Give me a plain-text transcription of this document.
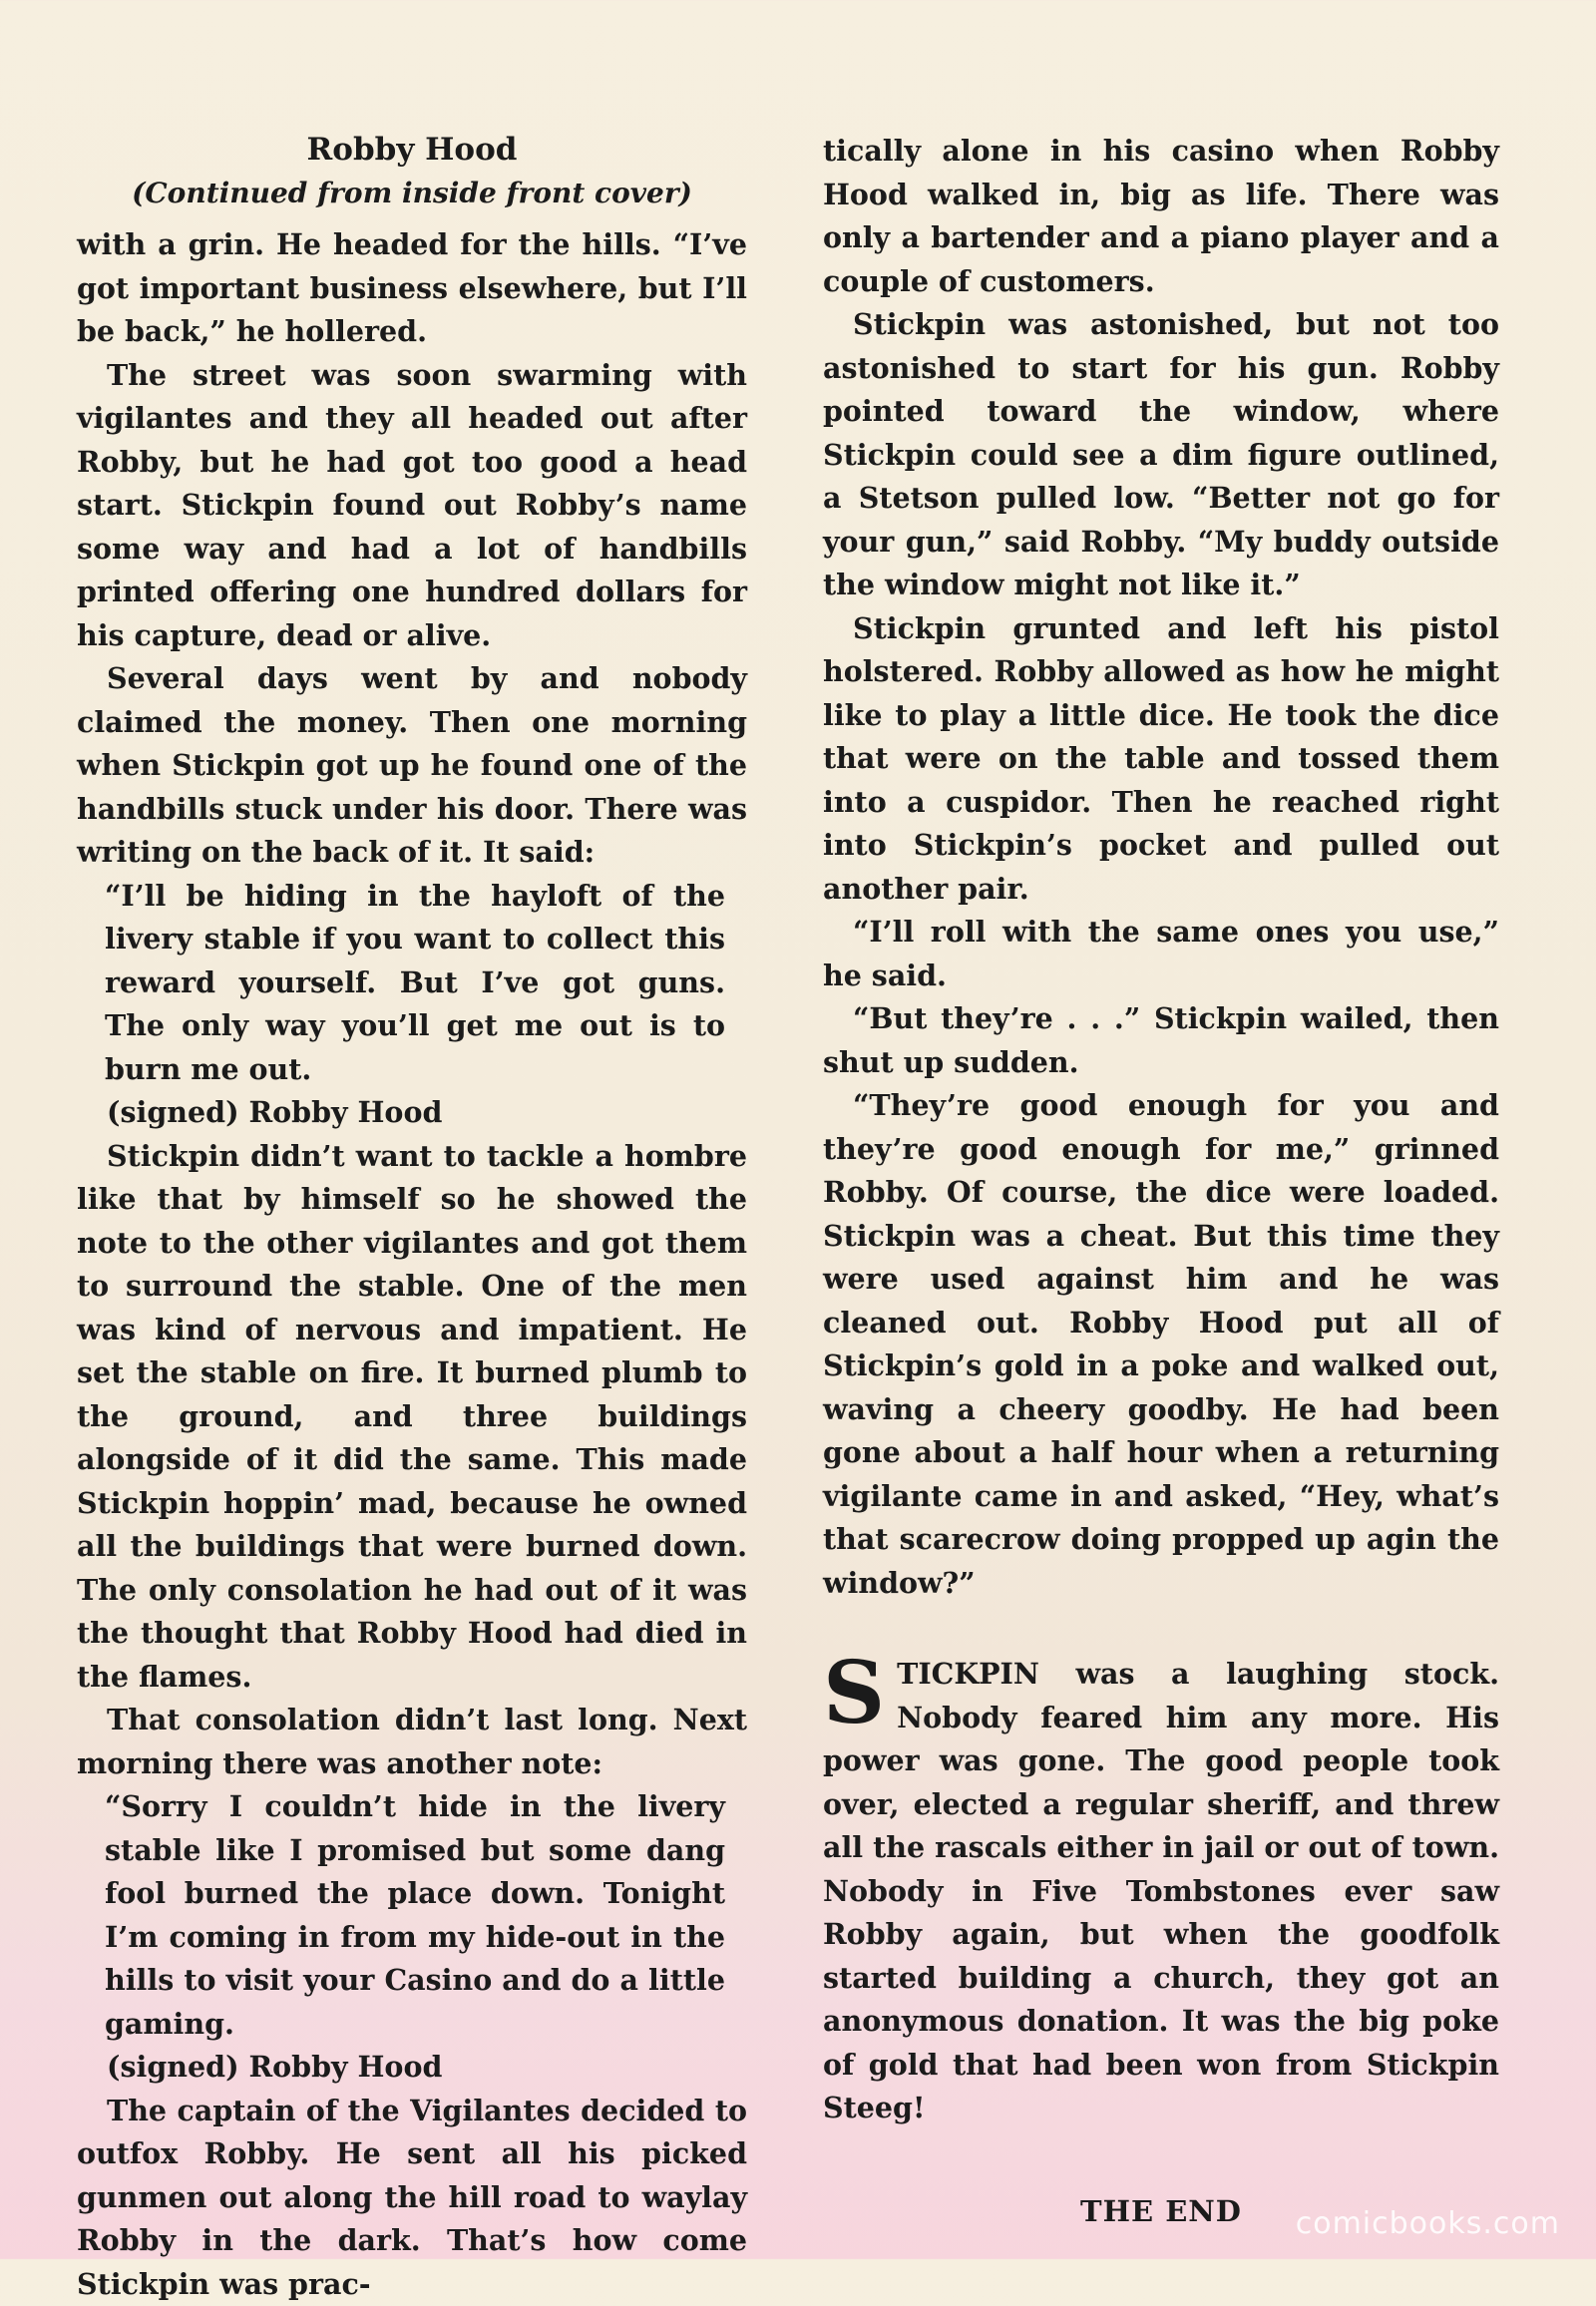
Robby Hood
(Continued from inside front cover)

with a grin. He headed for the hills. “I’ve got important business elsewhere, but I’ll be back,” he hollered.

The street was soon swarming with vigilantes and they all headed out after Robby, but he had got too good a head start. Stickpin found out Robby’s name some way and had a lot of handbills printed offering one hundred dollars for his capture, dead or alive.

Several days went by and nobody claimed the money. Then one morning when Stickpin got up he found one of the handbills stuck under his door. There was writing on the back of it. It said:

“I’ll be hiding in the hayloft of the livery stable if you want to collect this reward yourself. But I’ve got guns. The only way you’ll get me out is to burn me out.

(signed) Robby Hood

Stickpin didn’t want to tackle a hombre like that by himself so he showed the note to the other vigilantes and got them to surround the stable. One of the men was kind of nervous and impatient. He set the stable on fire. It burned plumb to the ground, and three buildings alongside of it did the same. This made Stickpin hoppin’ mad, because he owned all the buildings that were burned down. The only consolation he had out of it was the thought that Robby Hood had died in the flames.

That consolation didn’t last long. Next morning there was another note:

“Sorry I couldn’t hide in the livery stable like I promised but some dang fool burned the place down. Tonight I’m coming in from my hide-out in the hills to visit your Casino and do a little gaming.

(signed) Robby Hood

The captain of the Vigilantes decided to outfox Robby. He sent all his picked gunmen out along the hill road to waylay Robby in the dark. That’s how come Stickpin was prac-

tically alone in his casino when Robby Hood walked in, big as life. There was only a bartender and a piano player and a couple of customers.

Stickpin was astonished, but not too astonished to start for his gun. Robby pointed toward the window, where Stickpin could see a dim figure outlined, a Stetson pulled low. “Better not go for your gun,” said Robby. “My buddy outside the window might not like it.”

Stickpin grunted and left his pistol holstered. Robby allowed as how he might like to play a little dice. He took the dice that were on the table and tossed them into a cuspidor. Then he reached right into Stickpin’s pocket and pulled out another pair.

“I’ll roll with the same ones you use,” he said.

“But they’re . . .” Stickpin wailed, then shut up sudden.

“They’re good enough for you and they’re good enough for me,” grinned Robby. Of course, the dice were loaded. Stickpin was a cheat. But this time they were used against him and he was cleaned out. Robby Hood put all of Stickpin’s gold in a poke and walked out, waving a cheery goodby. He had been gone about a half hour when a returning vigilante came in and asked, “Hey, what’s that scarecrow doing propped up agin the window?”

S TICKPIN was a laughing stock. Nobody feared him any more. His power was gone. The good people took over, elected a regular sheriff, and threw all the rascals either in jail or out of town. Nobody in Five Tombstones ever saw Robby again, but when the goodfolk started building a church, they got an anonymous donation. It was the big poke of gold that had been won from Stickpin Steeg!

THE END	comicbooks.com
